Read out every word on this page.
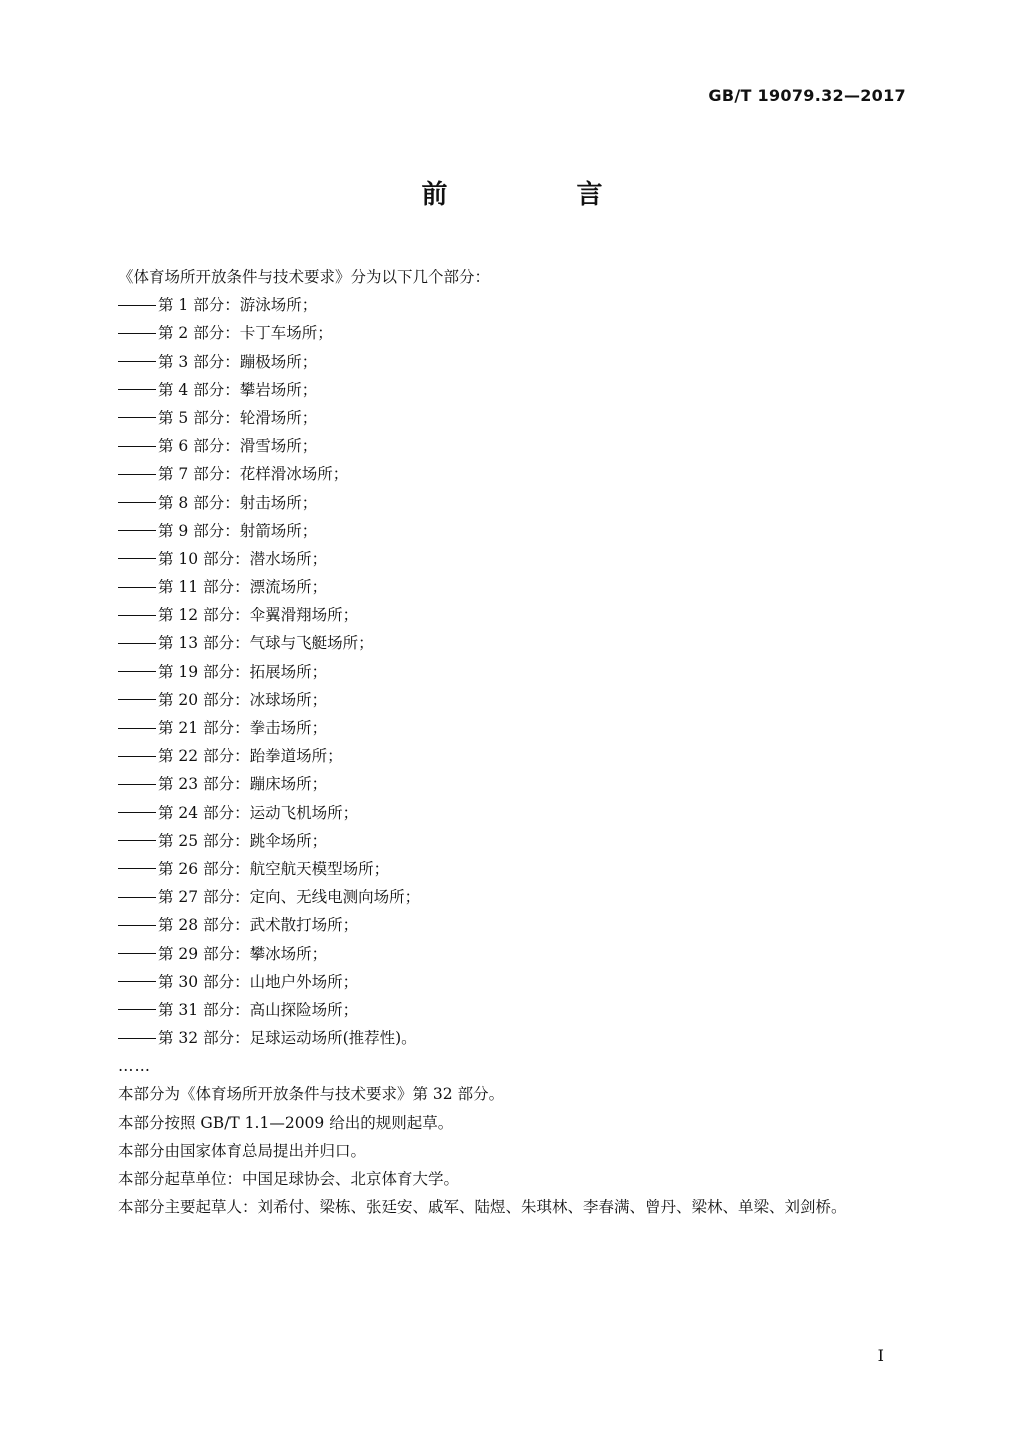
GB/T 19079.32—2017
前 言
《体育场所开放条件与技术要求》分为以下几个部分：
第 1 部分：游泳场所；
第 2 部分：卡丁车场所；
第 3 部分：蹦极场所；
第 4 部分：攀岩场所；
第 5 部分：轮滑场所；
第 6 部分：滑雪场所；
第 7 部分：花样滑冰场所；
第 8 部分：射击场所；
第 9 部分：射箭场所；
第 10 部分：潜水场所；
第 11 部分：漂流场所；
第 12 部分：伞翼滑翔场所；
第 13 部分：气球与飞艇场所；
第 19 部分：拓展场所；
第 20 部分：冰球场所；
第 21 部分：拳击场所；
第 22 部分：跆拳道场所；
第 23 部分：蹦床场所；
第 24 部分：运动飞机场所；
第 25 部分：跳伞场所；
第 26 部分：航空航天模型场所；
第 27 部分：定向、无线电测向场所；
第 28 部分：武术散打场所；
第 29 部分：攀冰场所；
第 30 部分：山地户外场所；
第 31 部分：高山探险场所；
第 32 部分：足球运动场所(推荐性)。
……
本部分为《体育场所开放条件与技术要求》第 32 部分。
本部分按照 GB/T 1.1—2009 给出的规则起草。
本部分由国家体育总局提出并归口。
本部分起草单位：中国足球协会、北京体育大学。
本部分主要起草人：刘希付、梁栋、张廷安、戚军、陆煜、朱琪林、李春满、曾丹、梁林、单梁、刘剑桥。
I
